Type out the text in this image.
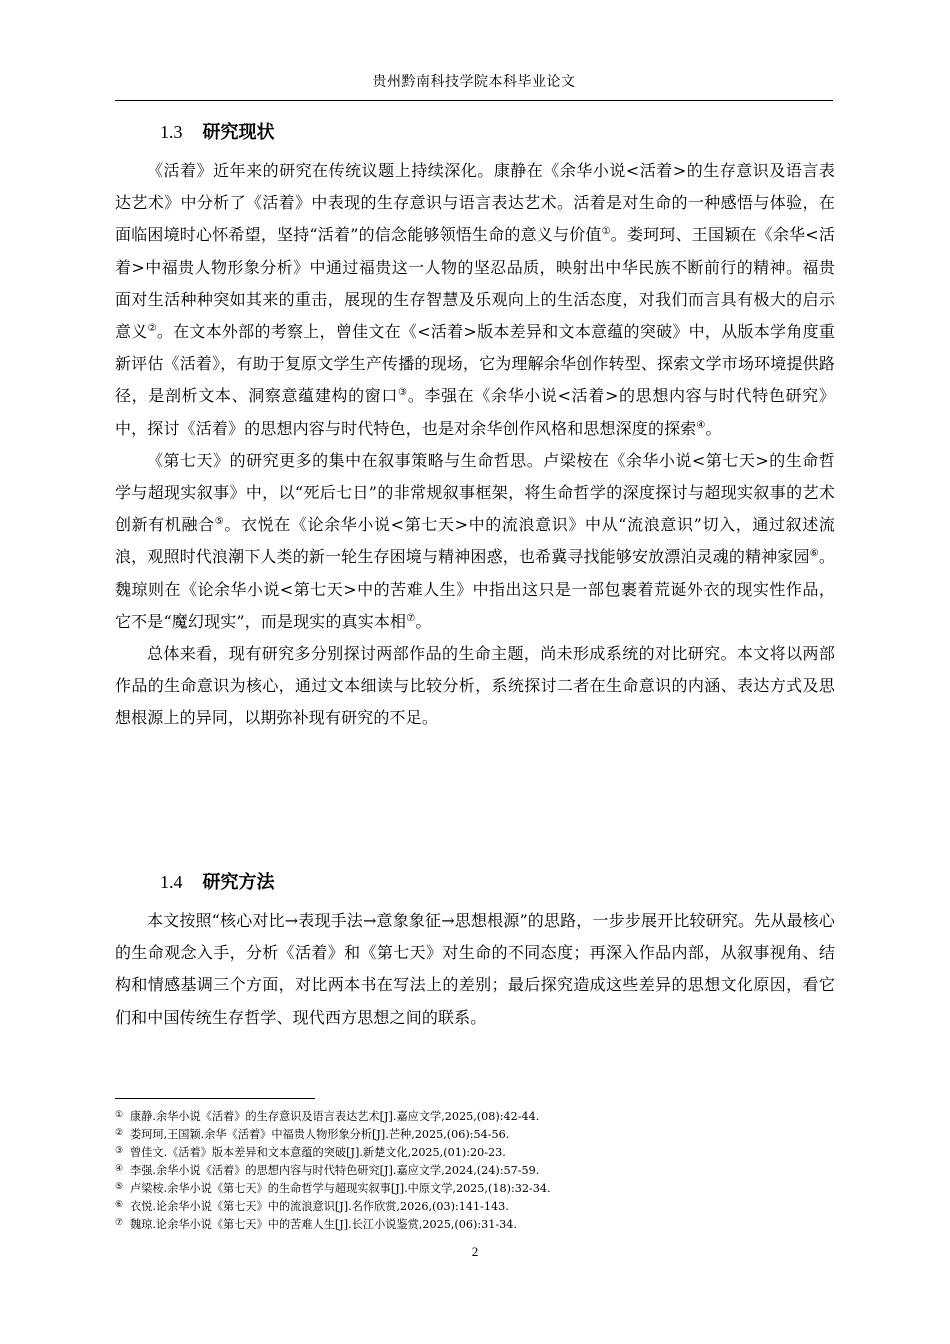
贵州黔南科技学院本科毕业论文
1.3 研究现状

《活着》近年来的研究在传统议题上持续深化。康静在《余华小说<活着>的生存意识及语言表达艺术》中分析了《活着》中表现的生存意识与语言表达艺术。活着是对生命的一种感悟与体验，在面临困境时心怀希望，坚持“活着”的信念能够领悟生命的意义与价值①。娄珂珂、王国颖在《余华<活着>中福贵人物形象分析》中通过福贵这一人物的坚忍品质，映射出中华民族不断前行的精神。福贵面对生活种种突如其来的重击，展现的生存智慧及乐观向上的生活态度，对我们而言具有极大的启示意义②。在文本外部的考察上，曾佳文在《<活着>版本差异和文本意蕴的突破》中，从版本学角度重新评估《活着》，有助于复原文学生产传播的现场，它为理解余华创作转型、探索文学市场环境提供路径，是剖析文本、洞察意蕴建构的窗口③。李强在《余华小说<活着>的思想内容与时代特色研究》中，探讨《活着》的思想内容与时代特色，也是对余华创作风格和思想深度的探索④。

《第七天》的研究更多的集中在叙事策略与生命哲思。卢梁桉在《余华小说<第七天>的生命哲学与超现实叙事》中，以“死后七日”的非常规叙事框架，将生命哲学的深度探讨与超现实叙事的艺术创新有机融合⑤。衣悦在《论余华小说<第七天>中的流浪意识》中从“流浪意识”切入，通过叙述流浪，观照时代浪潮下人类的新一轮生存困境与精神困惑，也希冀寻找能够安放漂泊灵魂的精神家园⑥。魏琼则在《论余华小说<第七天>中的苦难人生》中指出这只是一部包裹着荒诞外衣的现实性作品，它不是“魔幻现实”，而是现实的真实本相⑦。

总体来看，现有研究多分别探讨两部作品的生命主题，尚未形成系统的对比研究。本文将以两部作品的生命意识为核心，通过文本细读与比较分析，系统探讨二者在生命意识的内涵、表达方式及思想根源上的异同，以期弥补现有研究的不足。

1.4 研究方法

本文按照“核心对比→表现手法→意象象征→思想根源”的思路，一步步展开比较研究。先从最核心的生命观念入手，分析《活着》和《第七天》对生命的不同态度；再深入作品内部，从叙事视角、结构和情感基调三个方面，对比两本书在写法上的差别；最后探究造成这些差异的思想文化原因，看它们和中国传统生存哲学、现代西方思想之间的联系。

① 康静.余华小说《活着》的生存意识及语言表达艺术[J].嘉应文学,2025,(08):42-44.
② 娄珂珂,王国颖.余华《活着》中福贵人物形象分析[J].芒种,2025,(06):54-56.
③ 曾佳文.《活着》版本差异和文本意蕴的突破[J].新楚文化,2025,(01):20-23.
④ 李强.余华小说《活着》的思想内容与时代特色研究[J].嘉应文学,2024,(24):57-59.
⑤ 卢梁桉.余华小说《第七天》的生命哲学与超现实叙事[J].中原文学,2025,(18):32-34.
⑥ 衣悦.论余华小说《第七天》中的流浪意识[J].名作欣赏,2026,(03):141-143.
⑦ 魏琼.论余华小说《第七天》中的苦难人生[J].长江小说鉴赏,2025,(06):31-34.
2
